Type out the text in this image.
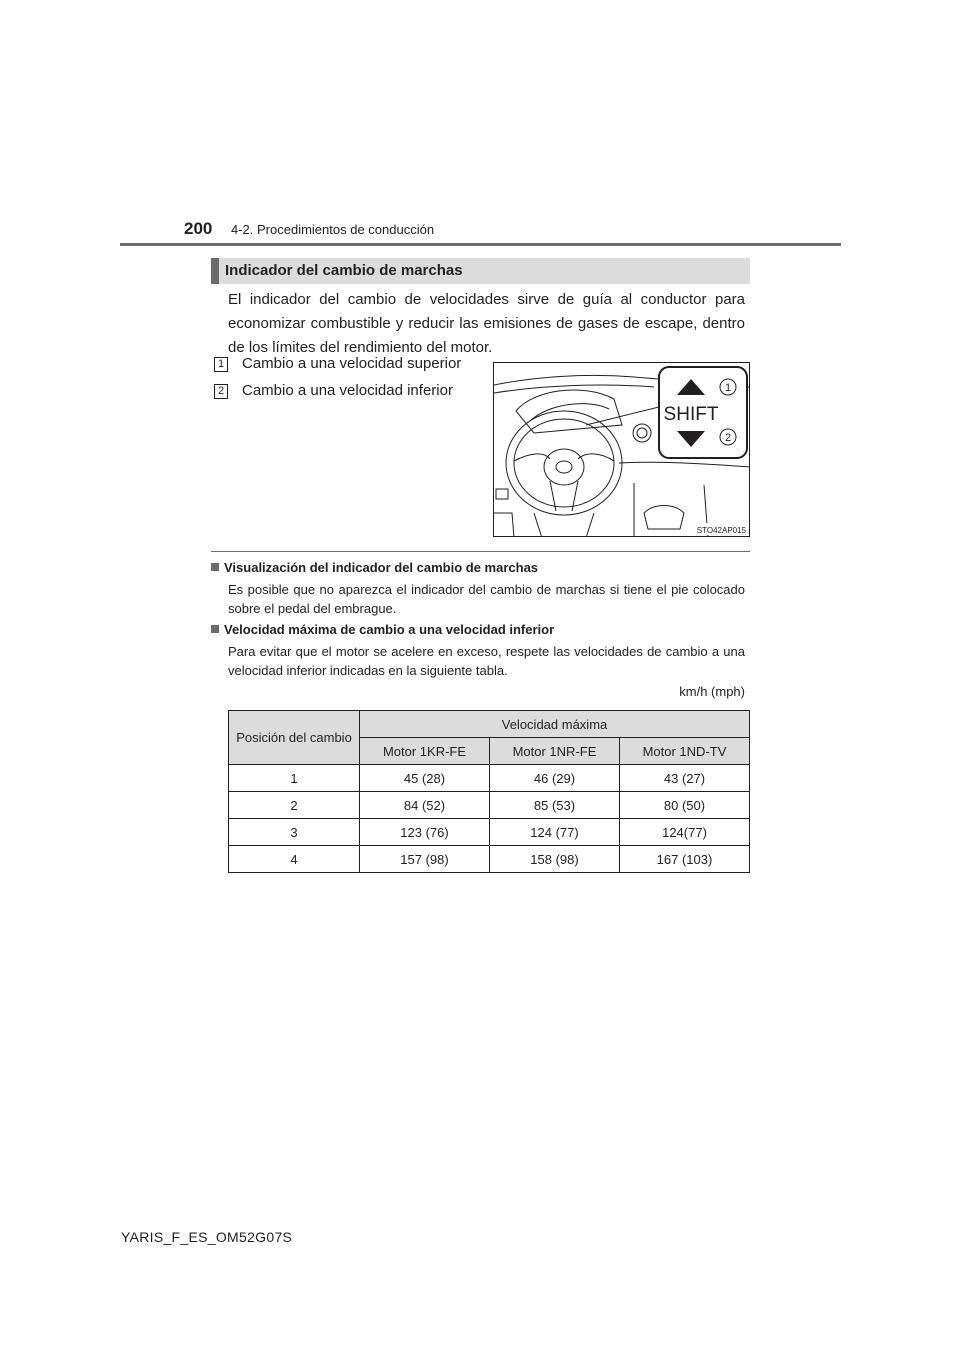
200 4-2. Procedimientos de conducción
Indicador del cambio de marchas
El indicador del cambio de velocidades sirve de guía al conductor para economizar combustible y reducir las emisiones de gases de escape, dentro de los límites del rendimiento del motor.
1 Cambio a una velocidad superior
2 Cambio a una velocidad inferior
SHIFT
1
2
STO42AP015
Visualización del indicador del cambio de marchas
Es posible que no aparezca el indicador del cambio de marchas si tiene el pie colocado sobre el pedal del embrague.
Velocidad máxima de cambio a una velocidad inferior
Para evitar que el motor se acelere en exceso, respete las velocidades de cambio a una velocidad inferior indicadas en la siguiente tabla.
km/h (mph)
Posición del cambio	Velocidad máxima		
	Motor 1KR-FE	Motor 1NR-FE	Motor 1ND-TV
1	45 (28)	46 (29)	43 (27)
2	84 (52)	85 (53)	80 (50)
3	123 (76)	124 (77)	124(77)
4	157 (98)	158 (98)	167 (103)
YARIS_F_ES_OM52G07S
